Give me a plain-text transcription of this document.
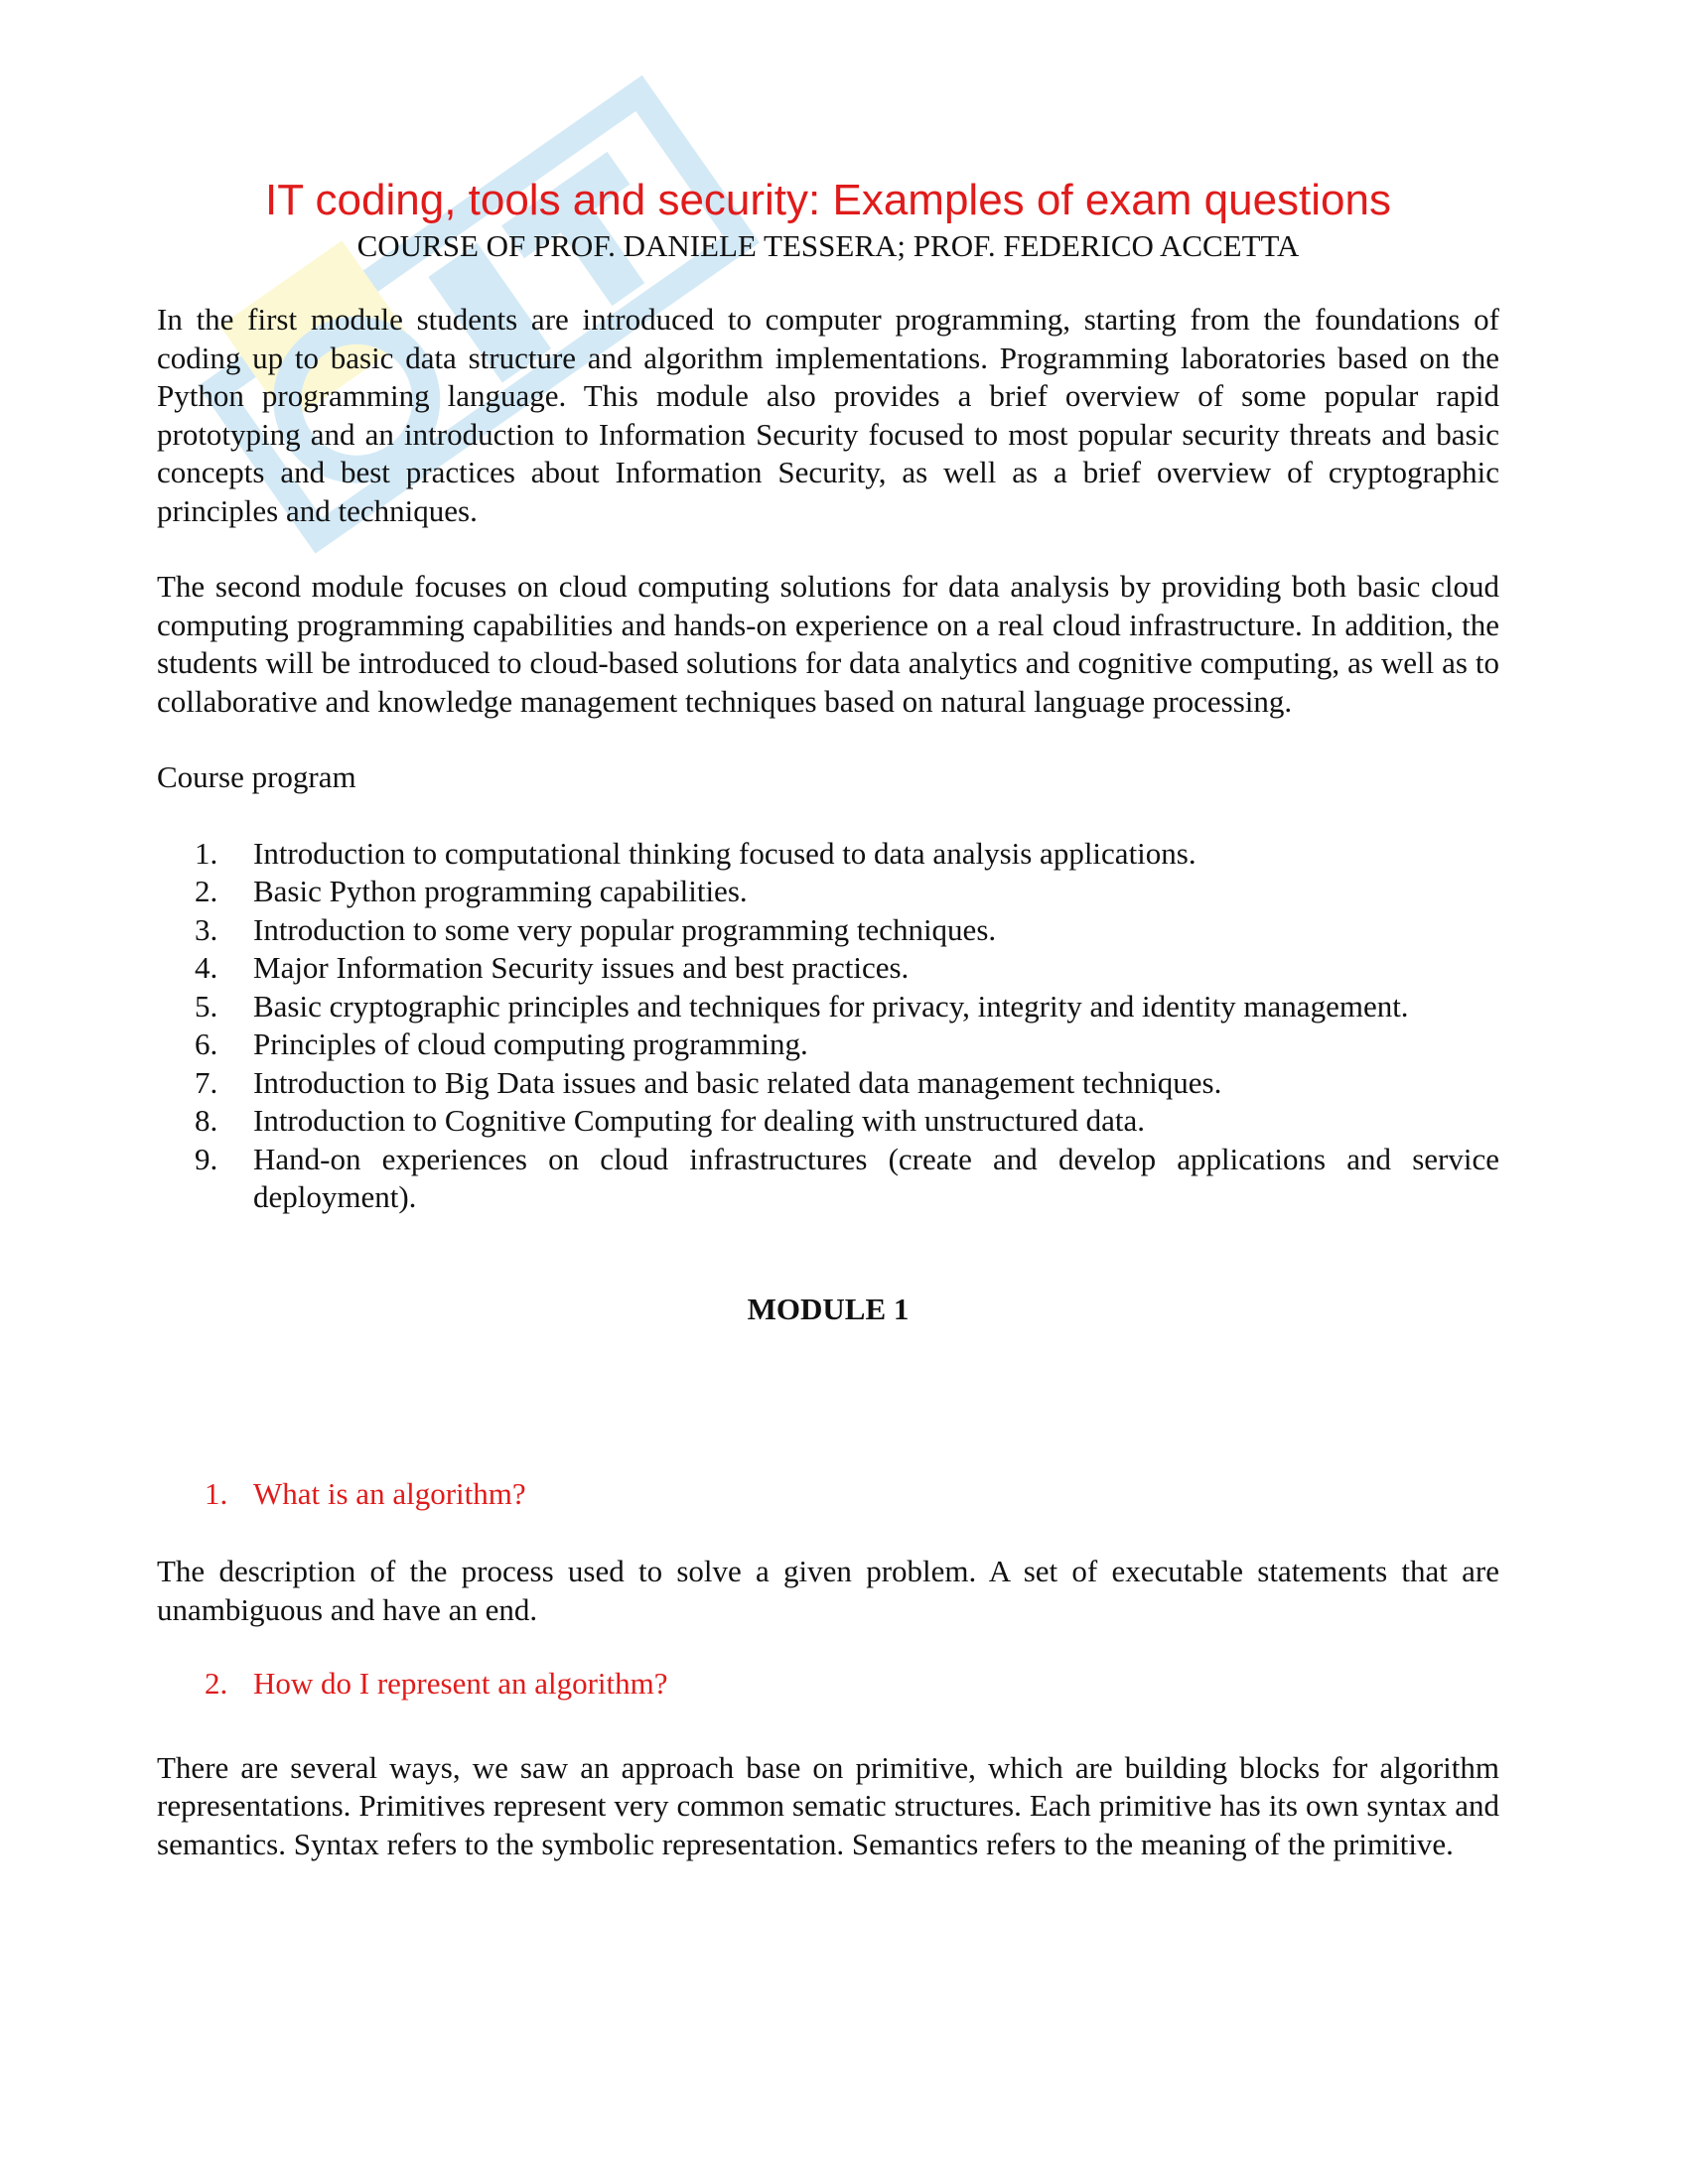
IT coding, tools and security: Examples of exam questions

COURSE OF PROF. DANIELE TESSERA; PROF. FEDERICO ACCETTA

In the first module students are introduced to computer programming, starting from the foundations of coding up to basic data structure and algorithm implementations. Programming laboratories based on the Python programming language. This module also provides a brief overview of some popular rapid prototyping and an introduction to Information Security focused to most popular security threats and basic concepts and best practices about Information Security, as well as a brief overview of cryptographic principles and techniques.

The second module focuses on cloud computing solutions for data analysis by providing both basic cloud computing programming capabilities and hands-on experience on a real cloud infrastructure. In addition, the students will be introduced to cloud-based solutions for data analytics and cognitive computing, as well as to collaborative and knowledge management techniques based on natural language processing.

Course program

1. Introduction to computational thinking focused to data analysis applications.
2. Basic Python programming capabilities.
3. Introduction to some very popular programming techniques.
4. Major Information Security issues and best practices.
5. Basic cryptographic principles and techniques for privacy, integrity and identity management.
6. Principles of cloud computing programming.
7. Introduction to Big Data issues and basic related data management techniques.
8. Introduction to Cognitive Computing for dealing with unstructured data.
9. Hand-on experiences on cloud infrastructures (create and develop applications and service deployment).

MODULE 1

1. What is an algorithm?

The description of the process used to solve a given problem. A set of executable statements that are unambiguous and have an end.

2. How do I represent an algorithm?

There are several ways, we saw an approach base on primitive, which are building blocks for algorithm representations. Primitives represent very common sematic structures. Each primitive has its own syntax and semantics. Syntax refers to the symbolic representation. Semantics refers to the meaning of the primitive.
